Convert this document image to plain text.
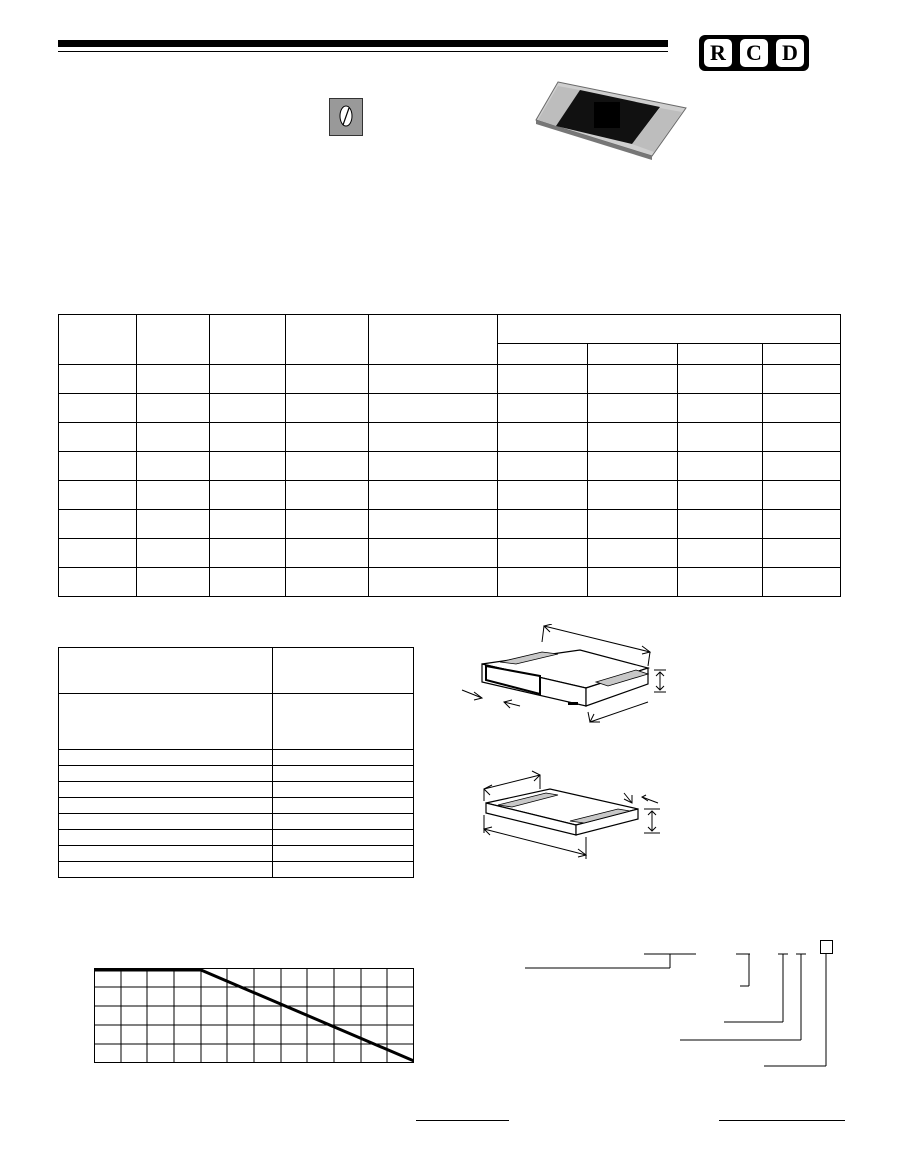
R C D
